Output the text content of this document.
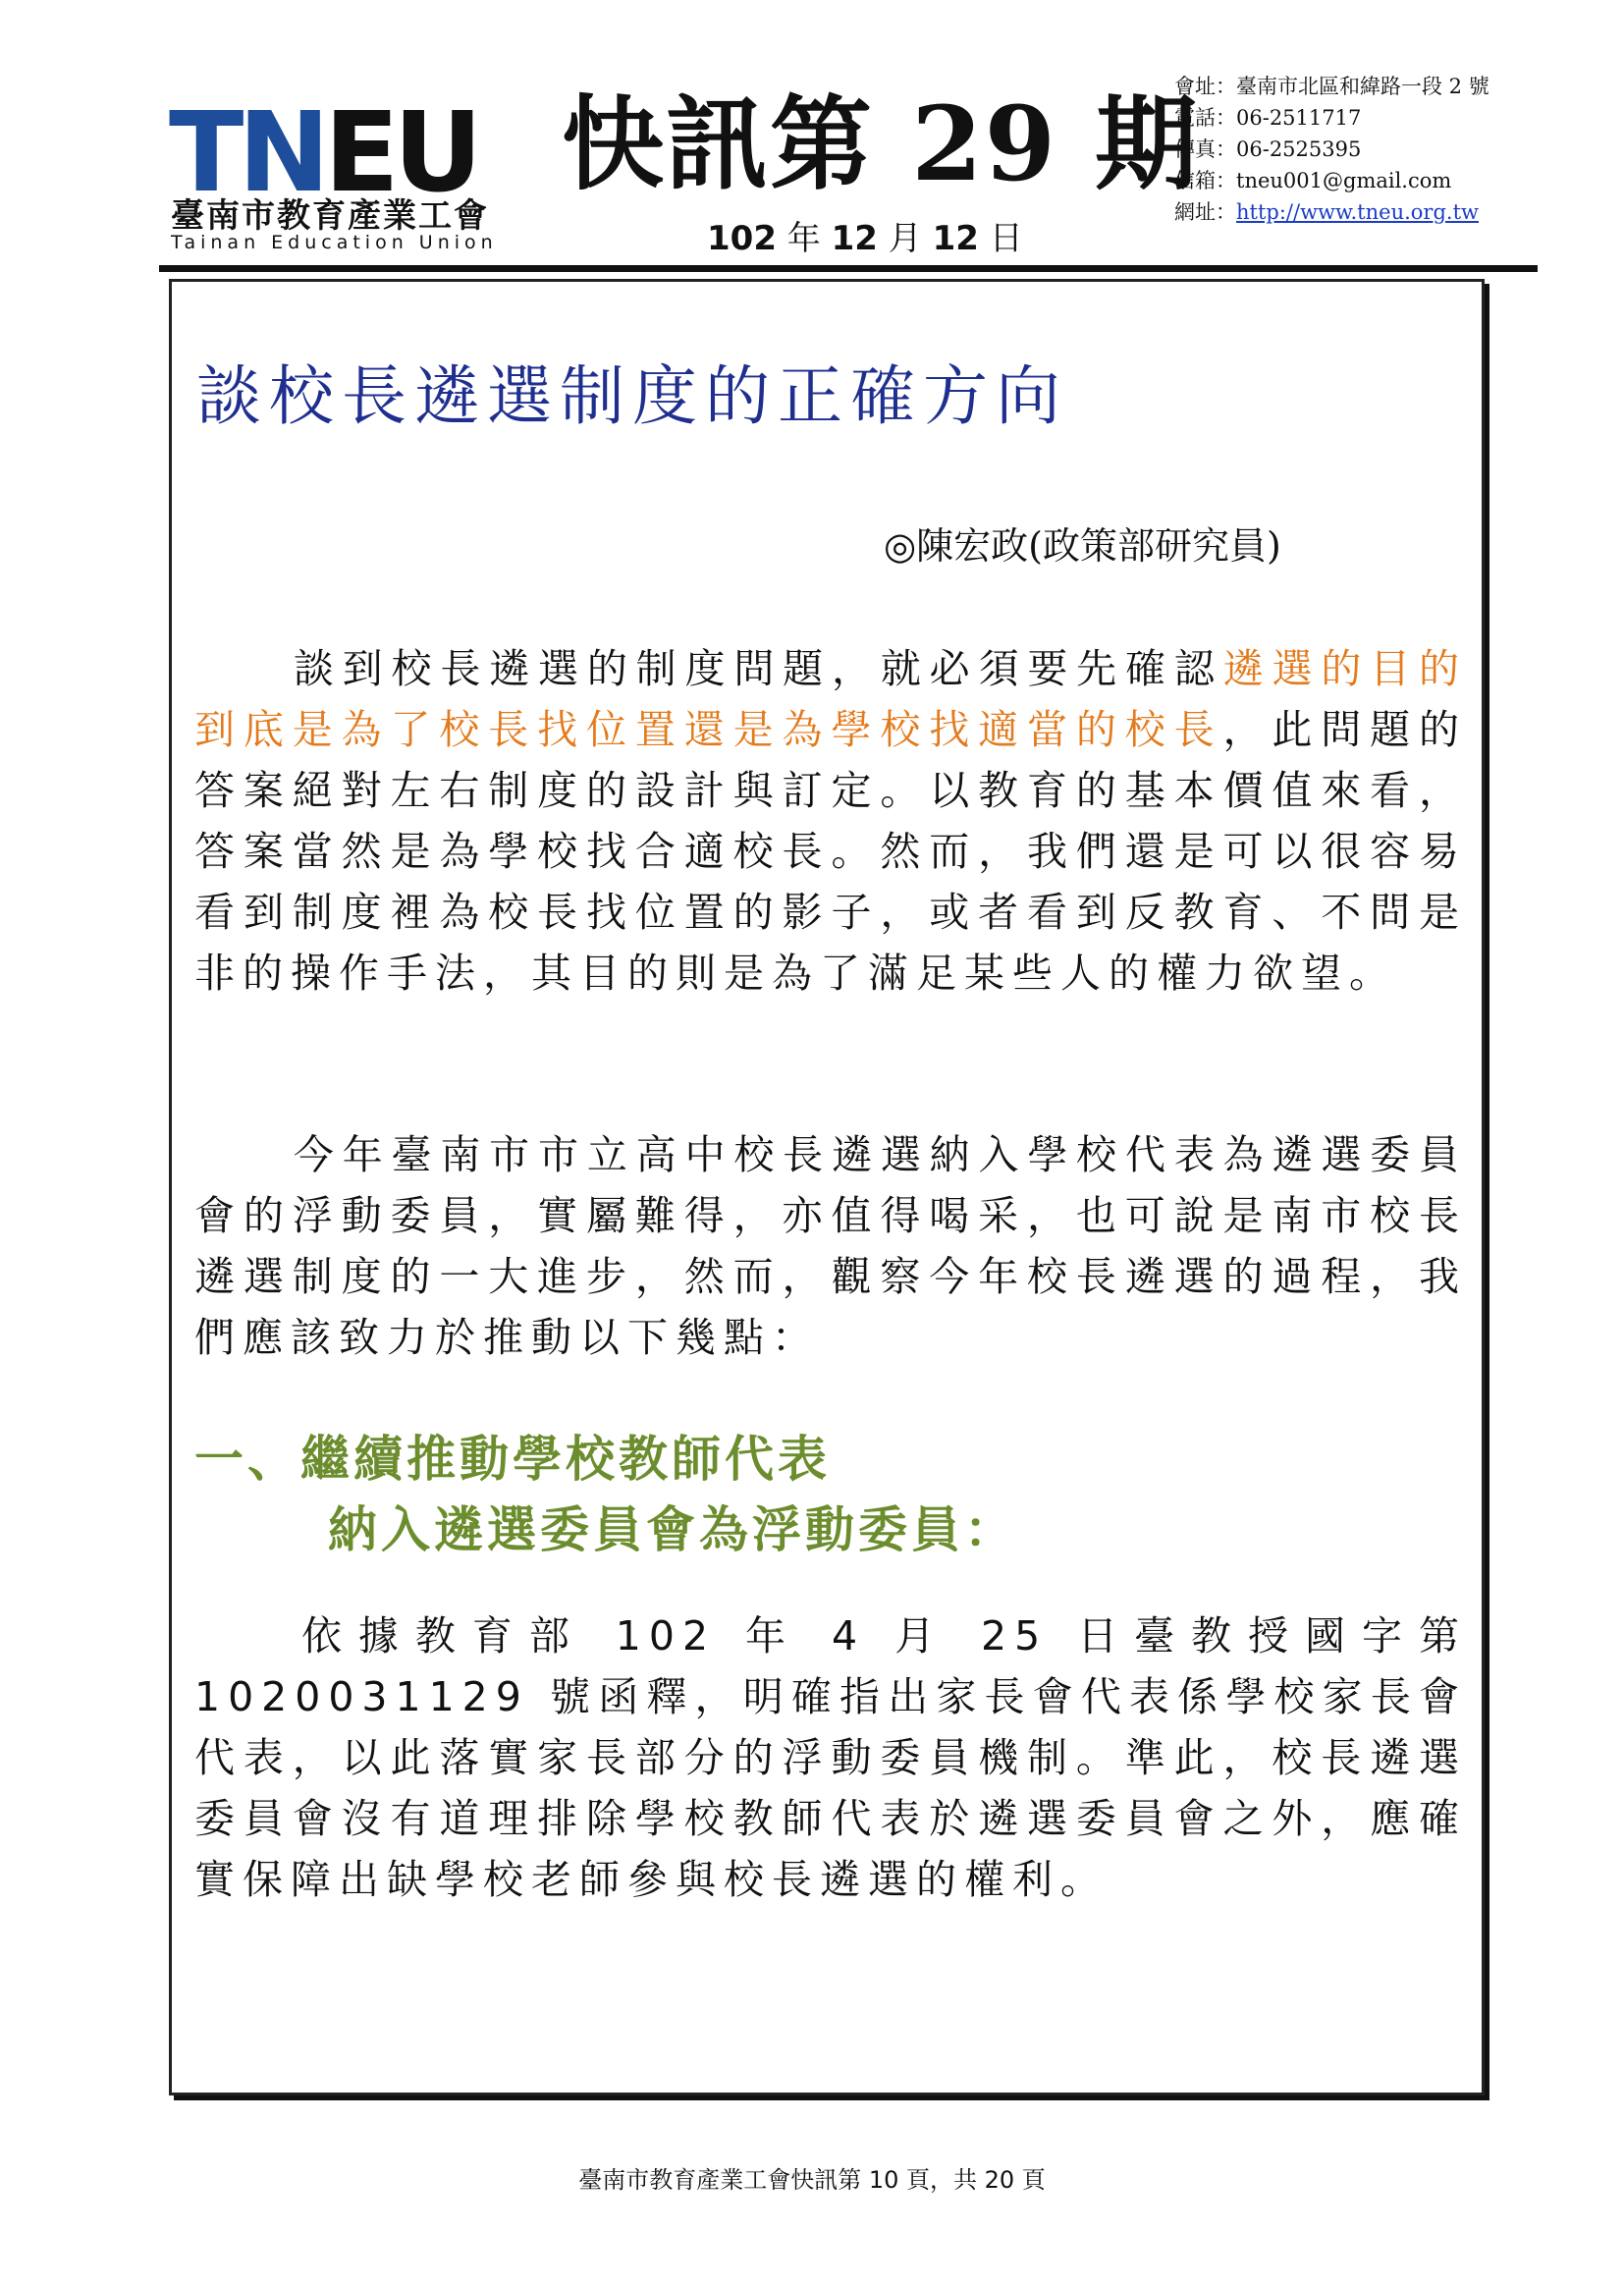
TNEU
臺南市教育產業工會
Tainan Education Union
快訊第 29 期
102 年 12 月 12 日
會址：臺南市北區和緯路一段 2 號
電話：06-2511717
傳真：06-2525395
信箱：tneu001@gmail.com
網址：http://www.tneu.org.tw
談校長遴選制度的正確方向
◎陳宏政(政策部研究員)

談到校長遴選的制度問題，就必須要先確認遴選的目的到底是為了校長找位置還是為學校找適當的校長，此問題的答案絕對左右制度的設計與訂定。以教育的基本價值來看，答案當然是為學校找合適校長。然而，我們還是可以很容易看到制度裡為校長找位置的影子，或者看到反教育、不問是非的操作手法，其目的則是為了滿足某些人的權力欲望。

今年臺南市市立高中校長遴選納入學校代表為遴選委員會的浮動委員，實屬難得，亦值得喝采，也可說是南市校長遴選制度的一大進步，然而，觀察今年校長遴選的過程，我們應該致力於推動以下幾點：

一、繼續推動學校教師代表
納入遴選委員會為浮動委員：

依據教育部 102 年 4 月 25 日臺教授國字第 1020031129 號函釋，明確指出家長會代表係學校家長會代表，以此落實家長部分的浮動委員機制。準此，校長遴選委員會沒有道理排除學校教師代表於遴選委員會之外，應確實保障出缺學校老師參與校長遴選的權利。

臺南市教育產業工會快訊第 10 頁，共 20 頁
